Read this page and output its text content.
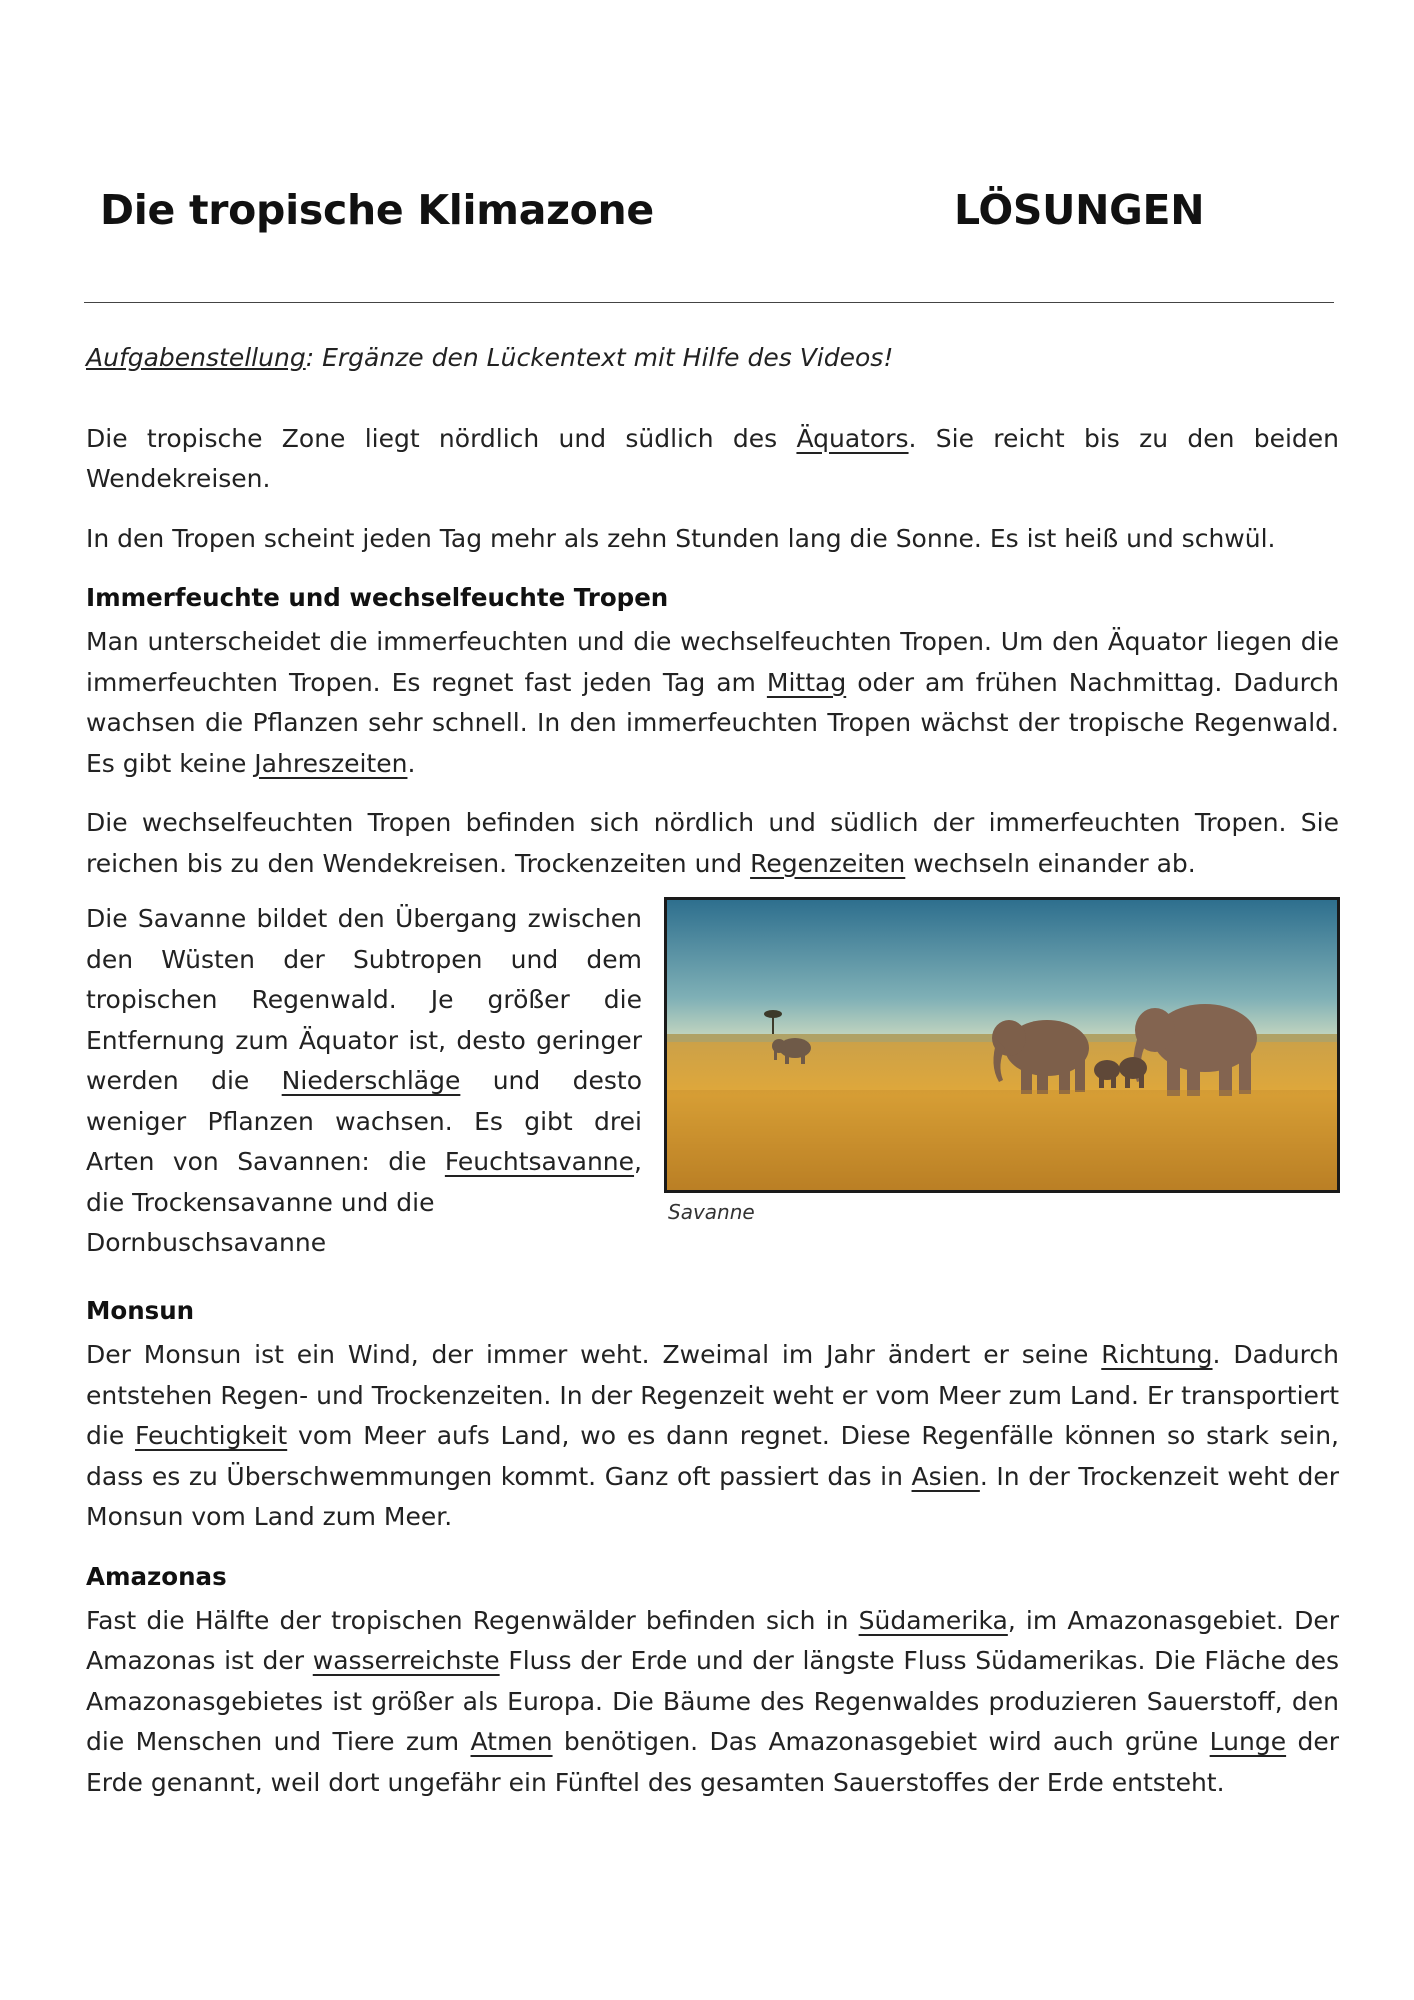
Die tropische Klimazone	LÖSUNGEN
Aufgabenstellung: Ergänze den Lückentext mit Hilfe des Videos!

Die tropische Zone liegt nördlich und südlich des Äquators. Sie reicht bis zu den beiden Wendekreisen.

In den Tropen scheint jeden Tag mehr als zehn Stunden lang die Sonne. Es ist heiß und schwül.

Immerfeuchte und wechselfeuchte Tropen

Man unterscheidet die immerfeuchten und die wechselfeuchten Tropen. Um den Äquator liegen die immerfeuchten Tropen. Es regnet fast jeden Tag am Mittag oder am frühen Nachmittag. Dadurch wachsen die Pflanzen sehr schnell. In den immerfeuchten Tropen wächst der tropische Regenwald. Es gibt keine Jahreszeiten.

Die wechselfeuchten Tropen befinden sich nördlich und südlich der immerfeuchten Tropen. Sie reichen bis zu den Wendekreisen. Trockenzeiten und Regenzeiten wechseln einander ab.

Die Savanne bildet den Übergang zwischen den Wüsten der Subtropen und dem tropischen Regenwald. Je größer die Entfernung zum Äquator ist, desto geringer werden die Niederschläge und desto weniger Pflanzen wachsen. Es gibt drei Arten von Savannen: die Feuchtsavanne, die Trockensavanne und die
Dornbuschsavanne
Savanne
Monsun

Der Monsun ist ein Wind, der immer weht. Zweimal im Jahr ändert er seine Richtung. Dadurch entstehen Regen- und Trockenzeiten. In der Regenzeit weht er vom Meer zum Land. Er transportiert die Feuchtigkeit vom Meer aufs Land, wo es dann regnet. Diese Regenfälle können so stark sein, dass es zu Überschwemmungen kommt. Ganz oft passiert das in Asien. In der Trockenzeit weht der Monsun vom Land zum Meer.

Amazonas

Fast die Hälfte der tropischen Regenwälder befinden sich in Südamerika, im Amazonasgebiet. Der Amazonas ist der wasserreichste Fluss der Erde und der längste Fluss Südamerikas. Die Fläche des Amazonasgebietes ist größer als Europa. Die Bäume des Regenwaldes produzieren Sauerstoff, den die Menschen und Tiere zum Atmen benötigen. Das Amazonasgebiet wird auch grüne Lunge der Erde genannt, weil dort ungefähr ein Fünftel des gesamten Sauerstoffes der Erde entsteht.
